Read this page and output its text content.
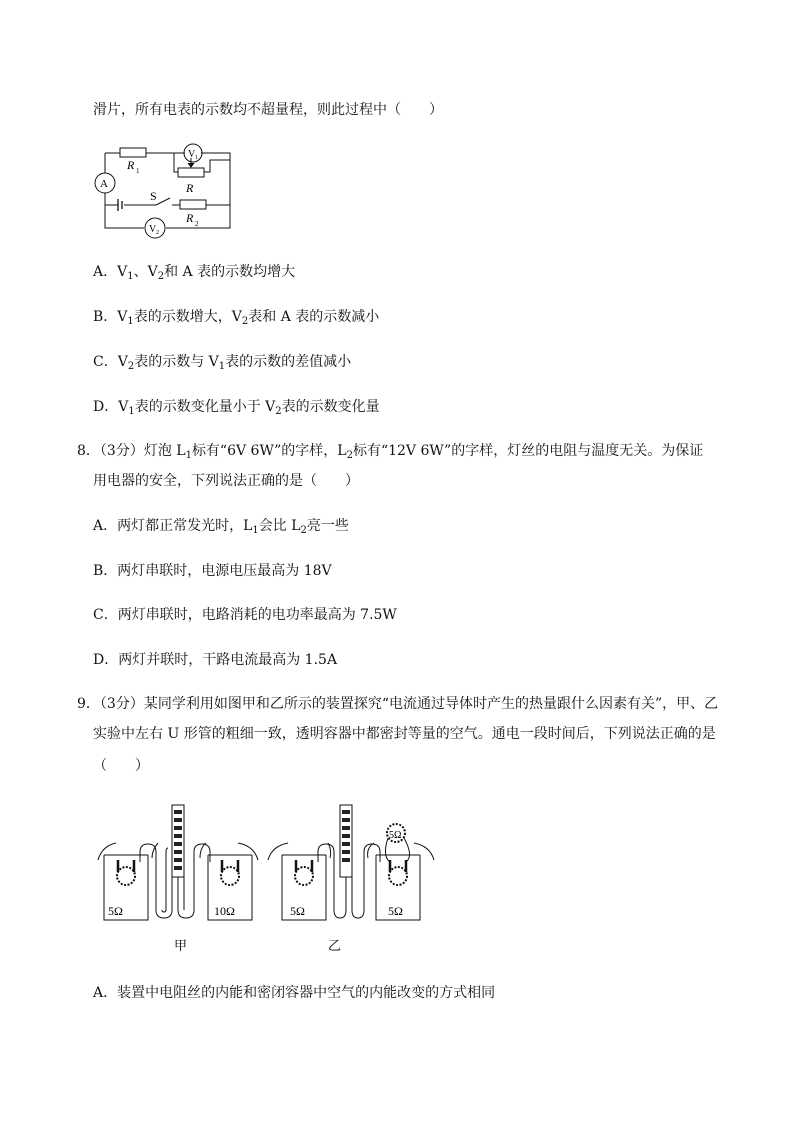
滑片，所有电表的示数均不超量程，则此过程中（　　）
A
V 1
V 2
R 1
R
R 2
S
A．$V_1$、$V_2$和 A 表的示数均增大
B．$V_1$表的示数增大，$V_2$表和 A 表的示数减小
C．$V_2$表的示数与 $V_1$表的示数的差值减小
D．$V_1$表的示数变化量小于 $V_2$表的示数变化量
8．（3分）灯泡 $L_1$标有“6V 6W”的字样，$L_2$标有“12V 6W”的字样，灯丝的电阻与温度无关。为保证
用电器的安全，下列说法正确的是（　　）
A．两灯都正常发光时，$L_1$会比 $L_2$亮一些
B．两灯串联时，电源电压最高为 18V
C．两灯串联时，电路消耗的电功率最高为 7.5W
D．两灯并联时，干路电流最高为 1.5A
9．（3分）某同学利用如图甲和乙所示的装置探究“电流通过导体时产生的热量跟什么因素有关”，甲、乙
实验中左右 U 形管的粗细一致，透明容器中都密封等量的空气。通电一段时间后，下列说法正确的是
（　　）
5Ω	10Ω
甲
5Ω	5Ω
5Ω
乙
A．装置中电阻丝的内能和密闭容器中空气的内能改变的方式相同
